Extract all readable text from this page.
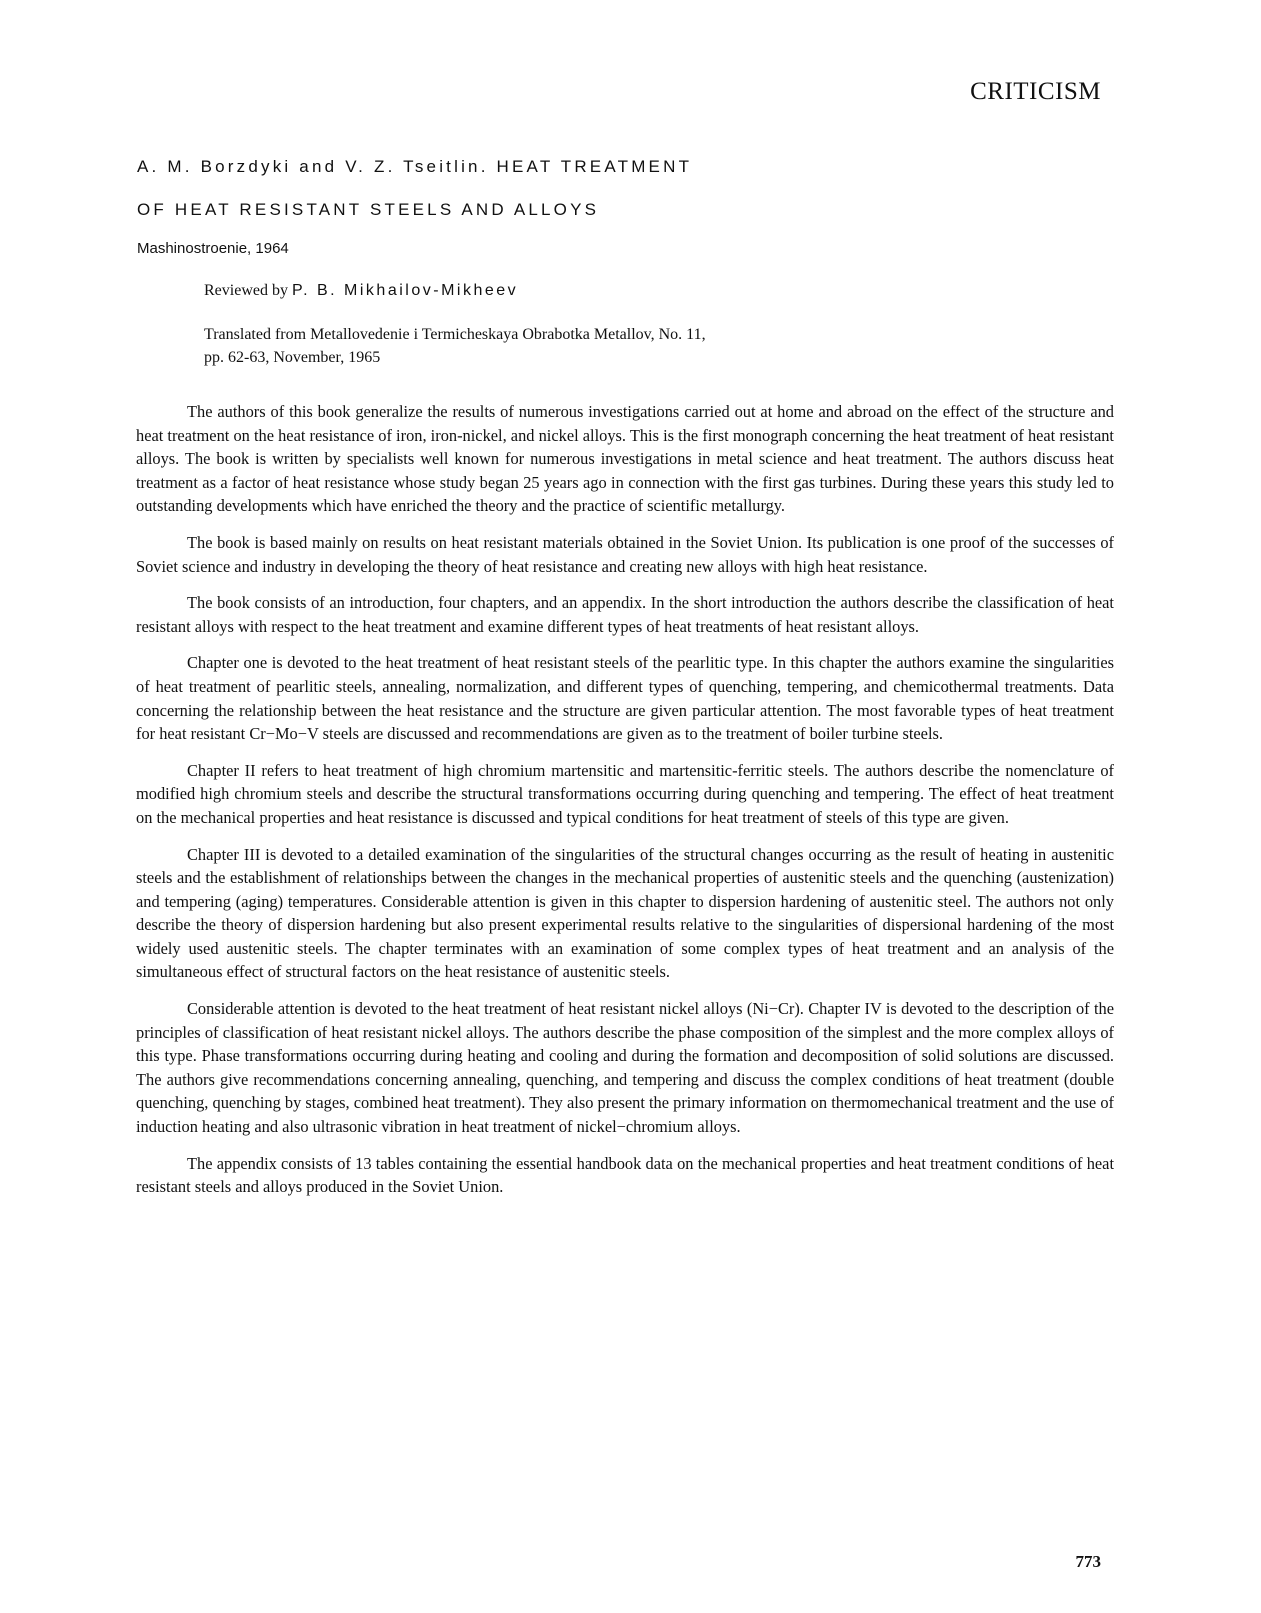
CRITICISM
A. M. Borzdyki and V. Z. Tseitlin. HEAT TREATMENT
OF HEAT RESISTANT STEELS AND ALLOYS
Mashinostroenie, 1964
Reviewed by P. B. Mikhailov-Mikheev
Translated from Metallovedenie i Termicheskaya Obrabotka Metallov, No. 11,
pp. 62-63, November, 1965

The authors of this book generalize the results of numerous investigations carried out at home and abroad on the effect of the structure and heat treatment on the heat resistance of iron, iron-nickel, and nickel alloys. This is the first monograph concerning the heat treatment of heat resistant alloys. The book is written by specialists well known for numerous investigations in metal science and heat treatment. The authors discuss heat treatment as a factor of heat resistance whose study began 25 years ago in connection with the first gas turbines. During these years this study led to outstanding developments which have enriched the theory and the practice of scientific metallurgy.

The book is based mainly on results on heat resistant materials obtained in the Soviet Union. Its publication is one proof of the successes of Soviet science and industry in developing the theory of heat resistance and creating new alloys with high heat resistance.

The book consists of an introduction, four chapters, and an appendix. In the short introduction the authors describe the classification of heat resistant alloys with respect to the heat treatment and examine different types of heat treatments of heat resistant alloys.

Chapter one is devoted to the heat treatment of heat resistant steels of the pearlitic type. In this chapter the authors examine the singularities of heat treatment of pearlitic steels, annealing, normalization, and different types of quenching, tempering, and chemicothermal treatments. Data concerning the relationship between the heat resistance and the structure are given particular attention. The most favorable types of heat treatment for heat resistant Cr−Mo−V steels are discussed and recommendations are given as to the treatment of boiler turbine steels.

Chapter II refers to heat treatment of high chromium martensitic and martensitic-ferritic steels. The authors describe the nomenclature of modified high chromium steels and describe the structural transformations occurring during quenching and tempering. The effect of heat treatment on the mechanical properties and heat resistance is discussed and typical conditions for heat treatment of steels of this type are given.

Chapter III is devoted to a detailed examination of the singularities of the structural changes occurring as the result of heating in austenitic steels and the establishment of relationships between the changes in the mechanical properties of austenitic steels and the quenching (austenization) and tempering (aging) temperatures. Considerable attention is given in this chapter to dispersion hardening of austenitic steel. The authors not only describe the theory of dispersion hardening but also present experimental results relative to the singularities of dispersional hardening of the most widely used austenitic steels. The chapter terminates with an examination of some complex types of heat treatment and an analysis of the simultaneous effect of structural factors on the heat resistance of austenitic steels.

Considerable attention is devoted to the heat treatment of heat resistant nickel alloys (Ni−Cr). Chapter IV is devoted to the description of the principles of classification of heat resistant nickel alloys. The authors describe the phase composition of the simplest and the more complex alloys of this type. Phase transformations occurring during heating and cooling and during the formation and decomposition of solid solutions are discussed. The authors give recommendations concerning annealing, quenching, and tempering and discuss the complex conditions of heat treatment (double quenching, quenching by stages, combined heat treatment). They also present the primary information on thermomechanical treatment and the use of induction heating and also ultrasonic vibration in heat treatment of nickel−chromium alloys.

The appendix consists of 13 tables containing the essential handbook data on the mechanical properties and heat treatment conditions of heat resistant steels and alloys produced in the Soviet Union.

773
